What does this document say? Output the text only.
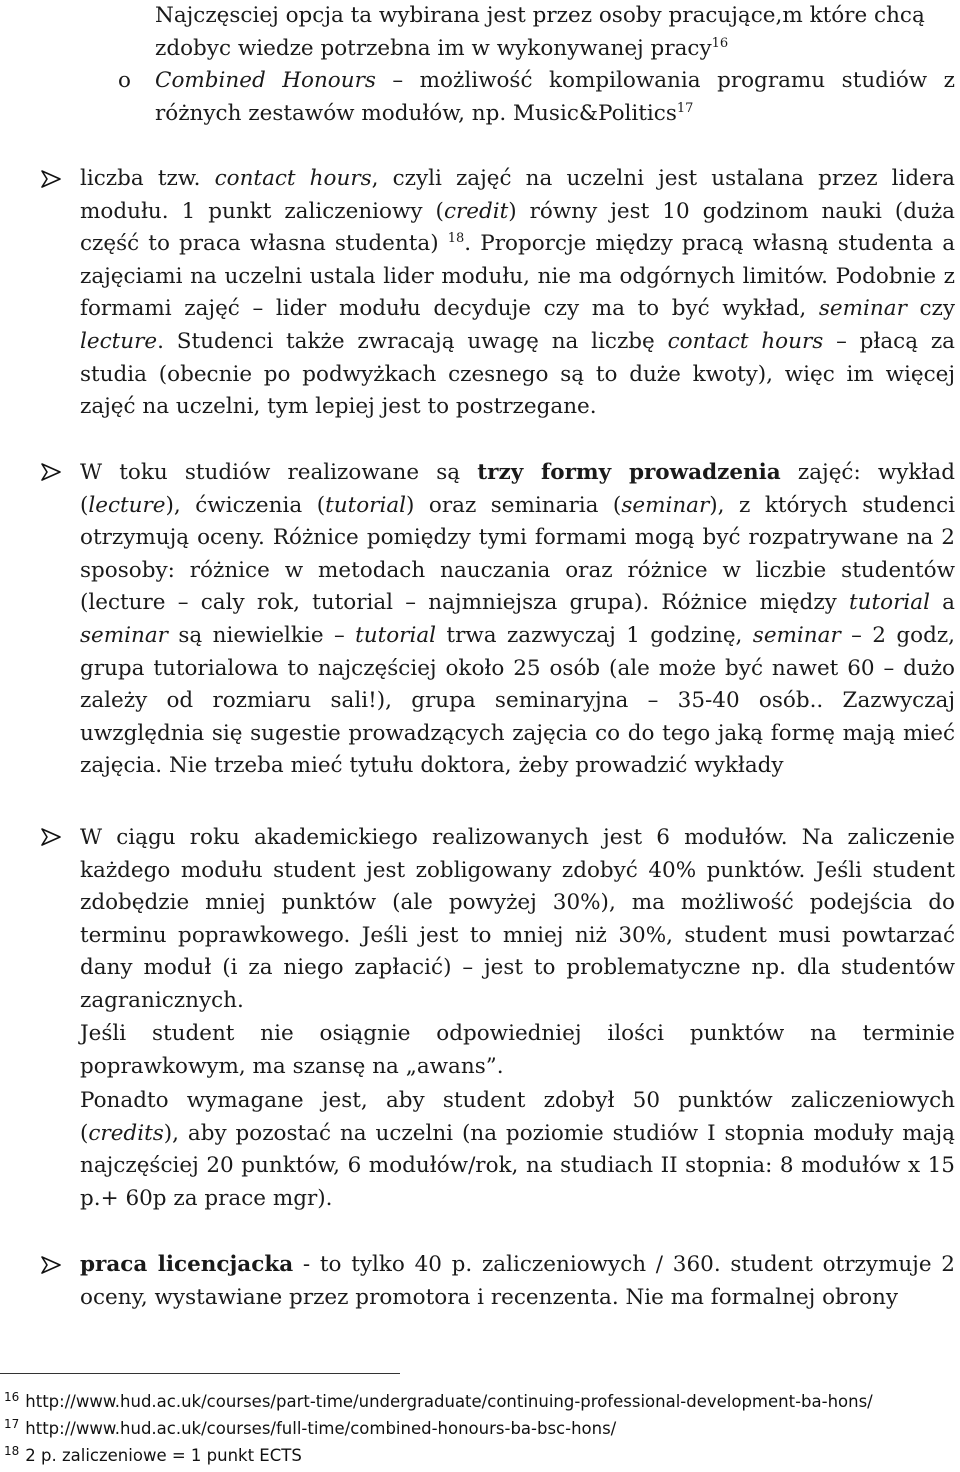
Najczęsciej opcja ta wybirana jest przez osoby pracujące,m które chcą
zdobyc wiedze potrzebna im w wykonywanej pracy$^{16}$
o Combined Honours – możliwość kompilowania programu studiów z
różnych zestawów modułów, np. Music&Politics$^{17}$
liczba tzw. contact hours, czyli zajęć na uczelni jest ustalana przez lidera modułu. 1 punkt zaliczeniowy (credit) równy jest 10 godzinom nauki (duża część to praca własna studenta) $^{18}$. Proporcje między pracą własną studenta a zajęciami na uczelni ustala lider modułu, nie ma odgórnych limitów. Podobnie z formami zajęć – lider modułu decyduje czy ma to być wykład, seminar czy lecture. Studenci także zwracają uwagę na liczbę contact hours – płacą za studia (obecnie po podwyżkach czesnego są to duże kwoty), więc im więcej zajęć na uczelni, tym lepiej jest to postrzegane.
W toku studiów realizowane są trzy formy prowadzenia zajęć: wykład (lecture), ćwiczenia (tutorial) oraz seminaria (seminar), z których studenci otrzymują oceny. Różnice pomiędzy tymi formami mogą być rozpatrywane na 2 sposoby: różnice w metodach nauczania oraz różnice w liczbie studentów (lecture – caly rok, tutorial – najmniejsza grupa). Różnice między tutorial a seminar są niewielkie – tutorial trwa zazwyczaj 1 godzinę, seminar – 2 godz, grupa tutorialowa to najczęściej około 25 osób (ale może być nawet 60 – dużo zależy od rozmiaru sali!), grupa seminaryjna – 35-40 osób.. Zazwyczaj uwzględnia się sugestie prowadzących zajęcia co do tego jaką formę mają mieć zajęcia. Nie trzeba mieć tytułu doktora, żeby prowadzić wykłady
W ciągu roku akademickiego realizowanych jest 6 modułów. Na zaliczenie każdego modułu student jest zobligowany zdobyć 40% punktów. Jeśli student zdobędzie mniej punktów (ale powyżej 30%), ma możliwość podejścia do terminu poprawkowego. Jeśli jest to mniej niż 30%, student musi powtarzać dany moduł (i za niego zapłacić) – jest to problematyczne np. dla studentów zagranicznych.
Jeśli student nie osiągnie odpowiedniej ilości punktów na terminie poprawkowym, ma szansę na „awans”.
Ponadto wymagane jest, aby student zdobył 50 punktów zaliczeniowych (credits), aby pozostać na uczelni (na poziomie studiów I stopnia moduły mają najczęściej 20 punktów, 6 modułów/rok, na studiach II stopnia: 8 modułów x 15 p.+ 60p za prace mgr).
praca licencjacka - to tylko 40 p. zaliczeniowych / 360. student otrzymuje 2 oceny, wystawiane przez promotora i recenzenta. Nie ma formalnej obrony
$^{16}$ http://www.hud.ac.uk/courses/part-time/undergraduate/continuing-professional-development-ba-hons/
$^{17}$ http://www.hud.ac.uk/courses/full-time/combined-honours-ba-bsc-hons/
$^{18}$ 2 p. zaliczeniowe = 1 punkt ECTS
